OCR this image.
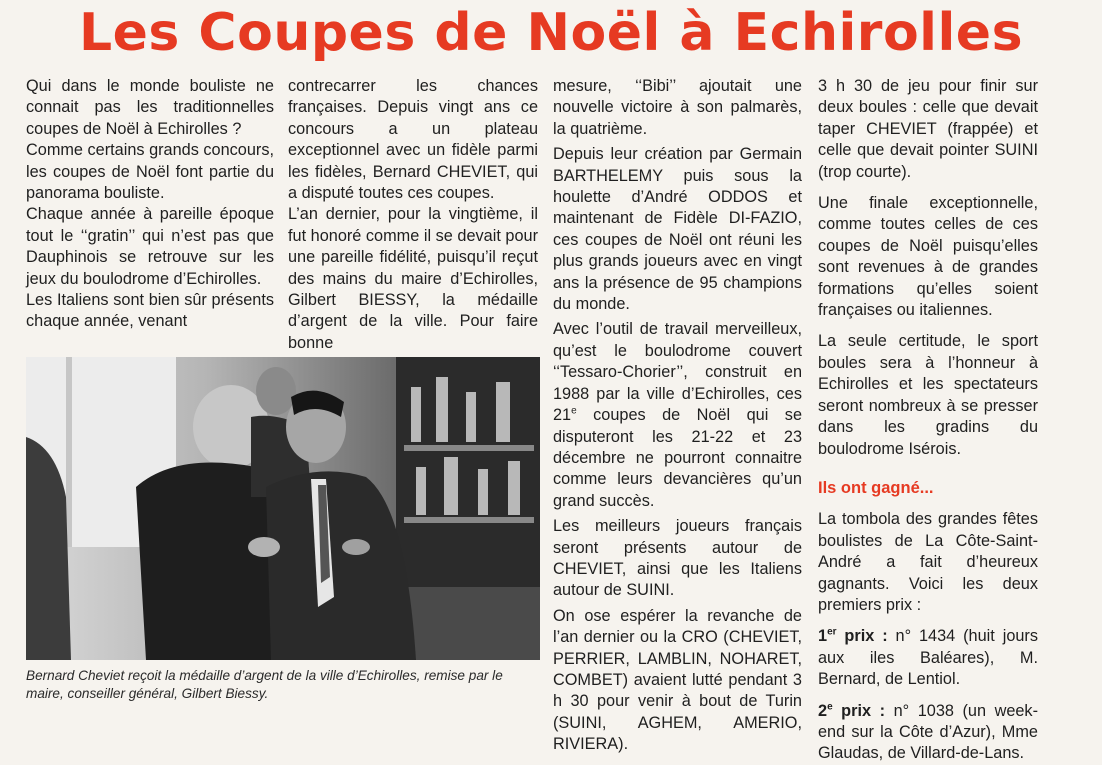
Les Coupes de Noël à Echirolles

Qui dans le monde bouliste ne connait pas les traditionnelles coupes de Noël à Echirolles ?

Comme certains grands concours, les coupes de Noël font partie du panorama bouliste.

Chaque année à pareille époque tout le ‘‘gratin’’ qui n’est pas que Dauphinois se retrouve sur les jeux du boulodrome d’Echirolles.

Les Italiens sont bien sûr présents chaque année, venant

contrecarrer les chances françaises. Depuis vingt ans ce concours a un plateau exceptionnel avec un fidèle parmi les fidèles, Bernard CHEVIET, qui a disputé toutes ces coupes.

L’an dernier, pour la vingtième, il fut honoré comme il se devait pour une pareille fidélité, puisqu’il reçut des mains du maire d’Echirolles, Gilbert BIESSY, la médaille d’argent de la ville. Pour faire bonne

mesure, ‘‘Bibi’’ ajoutait une nouvelle victoire à son palmarès, la quatrième.

Depuis leur création par Germain BARTHELEMY puis sous la houlette d’André ODDOS et maintenant de Fidèle DI-FAZIO, ces coupes de Noël ont réuni les plus grands joueurs avec en vingt ans la présence de 95 champions du monde.

Avec l’outil de travail merveilleux, qu’est le boulodrome couvert ‘‘Tessaro-Chorier’’, construit en 1988 par la ville d’Echirolles, ces 21e coupes de Noël qui se disputeront les 21-22 et 23 décembre ne pourront connaitre comme leurs devancières qu’un grand succès.

Les meilleurs joueurs français seront présents autour de CHEVIET, ainsi que les Italiens autour de SUINI.

On ose espérer la revanche de l’an dernier ou la CRO (CHEVIET, PERRIER, LAMBLIN, NOHARET, COMBET) avaient lutté pendant 3 h 30 pour venir à bout de Turin (SUINI, AGHEM, AMERIO, RIVIERA).

3 h 30 de jeu pour finir sur deux boules : celle que devait taper CHEVIET (frappée) et celle que devait pointer SUINI (trop courte).

Une finale exceptionnelle, comme toutes celles de ces coupes de Noël puisqu’elles sont revenues à de grandes formations qu’elles soient françaises ou italiennes.

La seule certitude, le sport boules sera à l’honneur à Echirolles et les spectateurs seront nombreux à se presser dans les gradins du boulodrome Isérois.

Ils ont gagné...

La tombola des grandes fêtes boulistes de La Côte-Saint-André a fait d’heureux gagnants. Voici les deux premiers prix :

1er prix : n° 1434 (huit jours aux iles Baléares), M. Bernard, de Lentiol.

2e prix : n° 1038 (un week-end sur la Côte d’Azur), Mme Glaudas, de Villard-de-Lans.

Bernard Cheviet reçoit la médaille d’argent de la ville d’Echirolles, remise par le maire, conseiller général, Gilbert Biessy.
